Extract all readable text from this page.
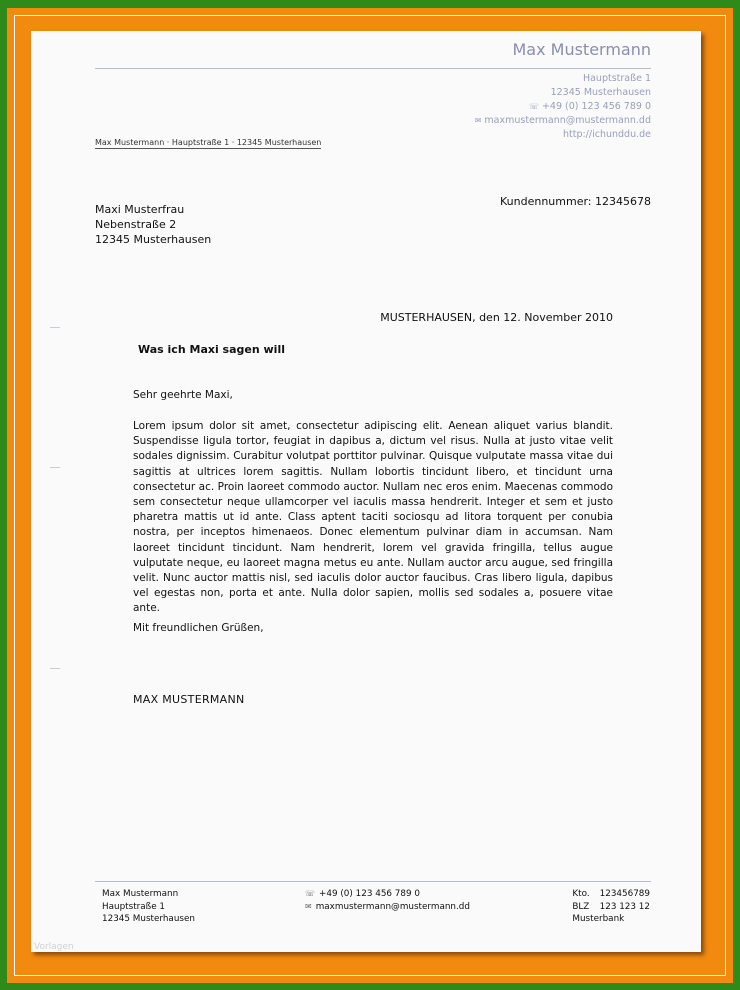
Max Mustermann
Hauptstraße 1
12345 Musterhausen
☏ +49 (0) 123 456 789 0
✉ maxmustermann@mustermann.dd
http://ichunddu.de
Max Mustermann · Hauptstraße 1 · 12345 Musterhausen
Maxi Musterfrau
Nebenstraße 2
12345 Musterhausen
Kundennummer: 12345678
MUSTERHAUSEN, den 12. November 2010
Was ich Maxi sagen will
Sehr geehrte Maxi,
Lorem ipsum dolor sit amet, consectetur adipiscing elit. Aenean aliquet varius blandit. Suspendisse ligula tortor, feugiat in dapibus a, dictum vel risus. Nulla at justo vitae velit sodales dignissim. Curabitur volutpat porttitor pulvinar. Quisque vulputate massa vitae dui sagittis at ultrices lorem sagittis. Nullam lobortis tincidunt libero, et tincidunt urna consectetur ac. Proin laoreet commodo auctor. Nullam nec eros enim. Maecenas commodo sem consectetur neque ullamcorper vel iaculis massa hendrerit. Integer et sem et justo pharetra mattis ut id ante. Class aptent taciti sociosqu ad litora torquent per conubia nostra, per inceptos himenaeos. Donec elementum pulvinar diam in accumsan. Nam laoreet tincidunt tincidunt. Nam hendrerit, lorem vel gravida fringilla, tellus augue vulputate neque, eu laoreet magna metus eu ante. Nullam auctor arcu augue, sed fringilla velit. Nunc auctor mattis nisl, sed iaculis dolor auctor faucibus. Cras libero ligula, dapibus vel egestas non, porta et ante. Nulla dolor sapien, mollis sed sodales a, posuere vitae ante.
Mit freundlichen Grüßen,
MAX MUSTERMANN
Max Mustermann
Hauptstraße 1
12345 Musterhausen
☏ +49 (0) 123 456 789 0
✉ maxmustermann@mustermann.dd
Kto. 123456789
BLZ 123 123 12
Musterbank
Vorlagen
